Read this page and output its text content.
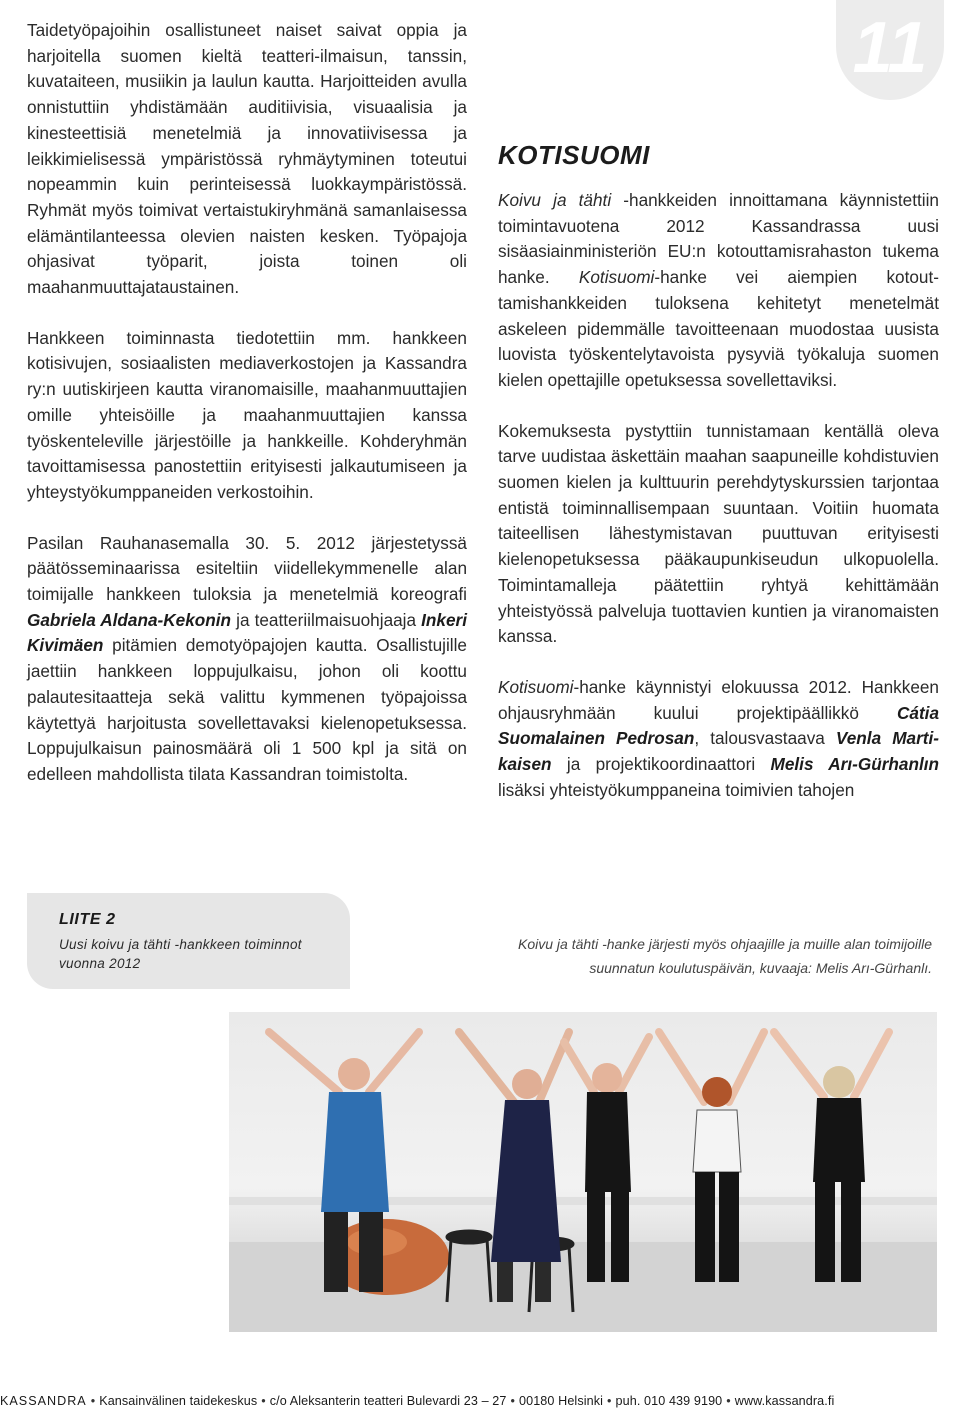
11

Taidetyöpajoihin osallistuneet naiset saivat oppia ja harjoitella suomen kieltä teatteri-ilmaisun, tanssin, kuvataiteen, musiikin ja laulun kautta. Harjoitteiden avulla onnistuttiin yhdistämään auditiivisia, visuaalisia ja kinesteettisiä menetelmiä ja innovatiivisessa ja leikkimielisessä ympäristössä ryhmäytyminen toteutui nopeammin kuin perinteisessä luokkaympäristössä. Ryhmät myös toimivat vertaistukiryhmänä samanlaisessa elämäntilanteessa olevien naisten kesken. Työpajoja ohjasivat työparit, joista toinen oli maahanmuuttajataustainen.

Hankkeen toiminnasta tiedotettiin mm. hankkeen kotisivujen, sosiaalisten mediaverkostojen ja Kassandra ry:n uutiskirjeen kautta viranomaisille, maahanmuuttajien omille yhteisöille ja maahanmuuttajien kanssa työskenteleville järjestöille ja hankkeille. Kohderyhmän tavoittamisessa panostettiin erityisesti jalkautumiseen ja yhteystyökumppaneiden verkostoihin.

Pasilan Rauhanasemalla 30. 5. 2012 järjestetyssä päätösseminaarissa esiteltiin viidellekymmenelle alan toimijalle hankkeen tuloksia ja menetelmiä koreografi Gabriela Aldana-Kekonin ja teatteriilmaisuohjaaja Inkeri Kivimäen pitämien demotyöpajojen kautta. Osallistujille jaettiin hankkeen loppujulkaisu, johon oli koottu palautesitaatteja sekä valittu kymmenen työpajoissa käytettyä harjoitusta sovellettavaksi kielenopetuksessa. Loppujulkaisun painosmäärä oli 1 500 kpl ja sitä on edelleen mahdollista tilata Kassandran toimistolta.

KOTISUOMI

Koivu ja tähti -hankkeiden innoittamana käynnistettiin toimintavuotena 2012 Kassandrassa uusi sisäasiainministeriön EU:n kotouttamisrahaston tukema hanke. Kotisuomi-hanke vei aiempien kotouttamishankkeiden tuloksena kehitetyt menetelmät askeleen pidemmälle tavoitteenaan muodostaa uusista luovista työskentelytavoista pysyviä työkaluja suomen kielen opettajille opetuksessa sovellettaviksi.

Kokemuksesta pystyttiin tunnistamaan kentällä oleva tarve uudistaa äskettäin maahan saapuneille kohdistuvien suomen kielen ja kulttuurin perehdytyskurssien tarjontaa entistä toiminnallisempaan suuntaan. Voitiin huomata taiteellisen lähestymistavan puuttuvan erityisesti kielenopetuksessa pääkaupunkiseudun ulkopuolella. Toimintamalleja päätettiin ryhtyä kehittämään yhteistyössä palveluja tuottavien kuntien ja viranomaisten kanssa.

Kotisuomi-hanke käynnistyi elokuussa 2012. Hankkeen ohjausryhmään kuului projektipäällikkö Cátia Suomalainen Pedrosan, talousvastaava Venla Martikaisen ja projektikoordinaattori Melis Arı-Gürhanlın lisäksi yhteistyökumppaneina toimivien tahojen

LIITE 2
Uusi koivu ja tähti -hankkeen toiminnot vuonna 2012
Koivu ja tähti -hanke järjesti myös ohjaajille ja muille alan toimijoille
suunnatun koulutuspäivän, kuvaaja: Melis Arı-Gürhanlı.
KASSANDRA • Kansainvälinen taidekeskus • c/o Aleksanterin teatteri Bulevardi 23 – 27 • 00180 Helsinki • puh. 010 439 9190 • www.kassandra.fi
